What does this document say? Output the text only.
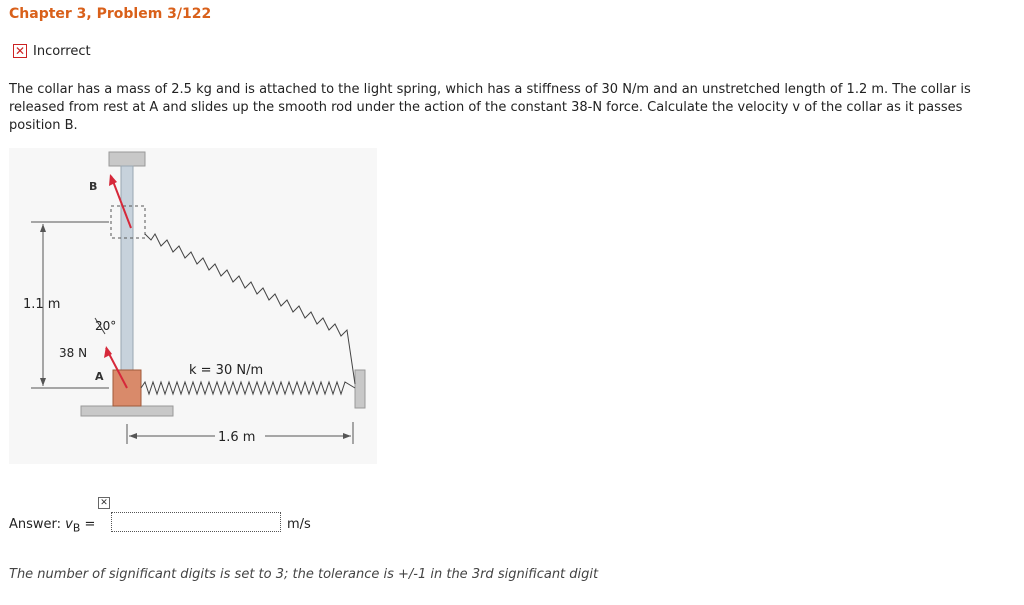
Chapter 3, Problem 3/122
✕ Incorrect
The collar has a mass of 2.5 kg and is attached to the light spring, which has a stiffness of 30 N/m and an unstretched length of 1.2 m. The collar is released from rest at A and slides up the smooth rod under the action of the constant 38-N force. Calculate the velocity v of the collar as it passes position B.
B
A
1.1 m
20°
38 N
k = 30 N/m
1.6 m
Answer: $v_B$ =
✕
m/s
The number of significant digits is set to 3; the tolerance is +/-1 in the 3rd significant digit
